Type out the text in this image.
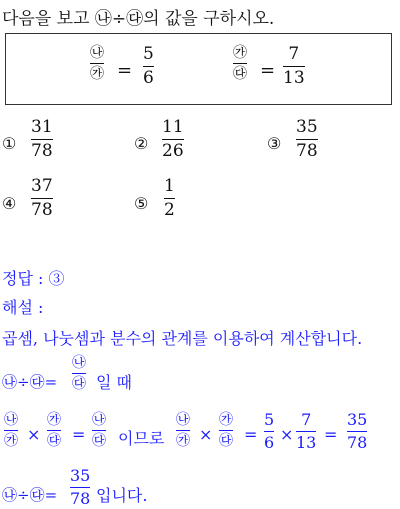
다음을 보고 ㉯÷㉰의 값을 구하시오.
㉯
㉮ =
5
6
㉮
㉰ =
7
13
①
31
78	②
11
26	③
35
78
④
37
78	⑤
1
2
정답 : ③
해설 :
곱셈, 나눗셈과 분수의 관계를 이용하여 계산합니다.
㉯÷㉰=
㉯
㉰ 일 때
㉯
㉮ ×
㉮
㉰ =
㉯
㉰ 이므로
㉯
㉮ ×
㉮
㉰ =
5
6 ×
7
13 =
35
78
㉯÷㉰=
35
78 입니다.
